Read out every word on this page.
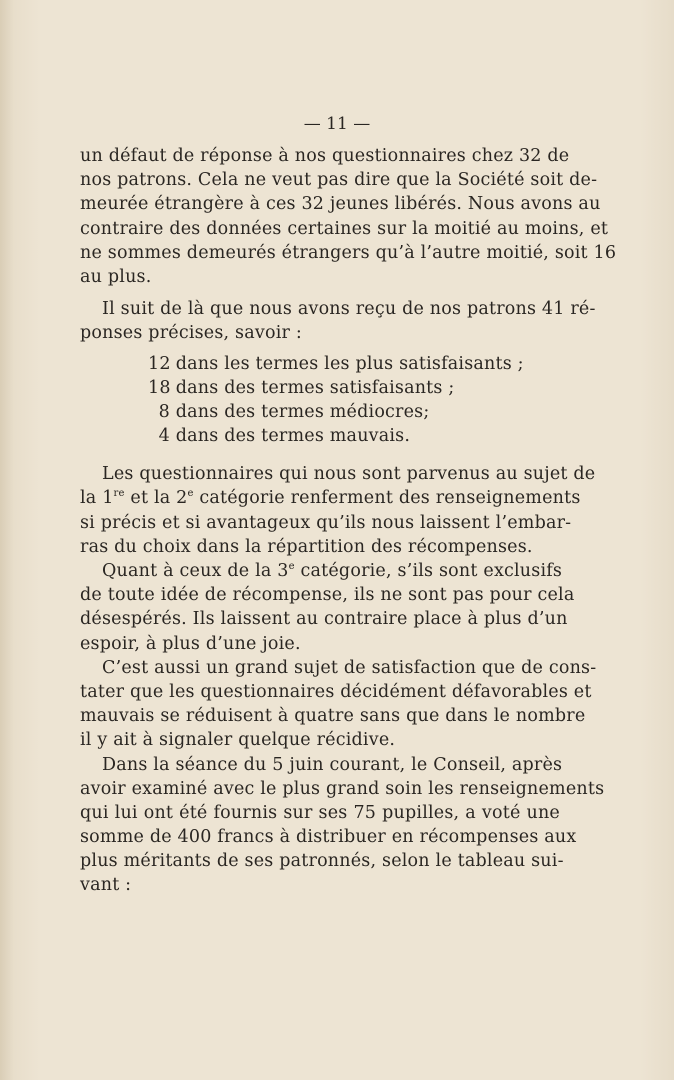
— 11 —
un défaut de réponse à nos questionnaires chez 32 de
nos patrons. Cela ne veut pas dire que la Société soit de-
meurée étrangère à ces 32 jeunes libérés. Nous avons au
contraire des données certaines sur la moitié au moins, et
ne sommes demeurés étrangers qu’à l’autre moitié, soit 16
au plus.
Il suit de là que nous avons reçu de nos patrons 41 ré-
ponses précises, savoir :
12 dans les termes les plus satisfaisants ;
18 dans des termes satisfaisants ;
8 dans des termes médiocres;
4 dans des termes mauvais.
Les questionnaires qui nous sont parvenus au sujet de
la 1re et la 2e catégorie renferment des renseignements
si précis et si avantageux qu’ils nous laissent l’embar-
ras du choix dans la répartition des récompenses.
Quant à ceux de la 3e catégorie, s’ils sont exclusifs
de toute idée de récompense, ils ne sont pas pour cela
désespérés. Ils laissent au contraire place à plus d’un
espoir, à plus d’une joie.
C’est aussi un grand sujet de satisfaction que de cons-
tater que les questionnaires décidément défavorables et
mauvais se réduisent à quatre sans que dans le nombre
il y ait à signaler quelque récidive.
Dans la séance du 5 juin courant, le Conseil, après
avoir examiné avec le plus grand soin les renseignements
qui lui ont été fournis sur ses 75 pupilles, a voté une
somme de 400 francs à distribuer en récompenses aux
plus méritants de ses patronnés, selon le tableau sui-
vant :
